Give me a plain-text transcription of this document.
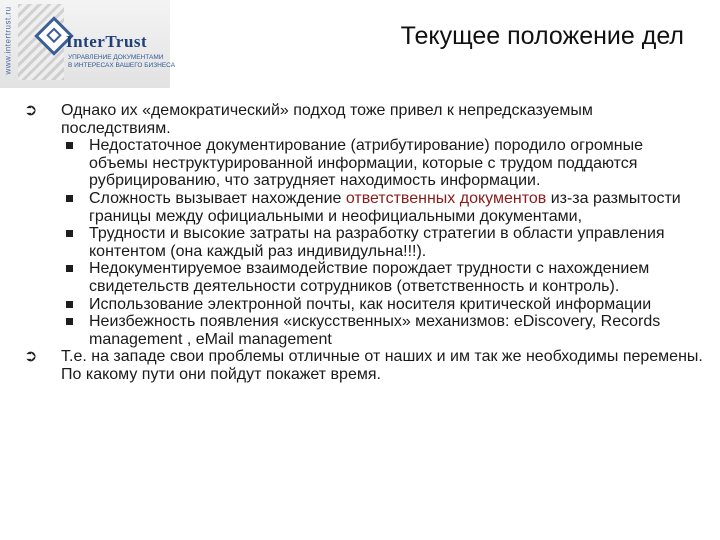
www.intertrust.ru	InterTrust
УПРАВЛЕНИЕ ДОКУМЕНТАМИ
В ИНТЕРЕСАХ ВАШЕГО БИЗНЕСА
Текущее положение дел
➲ Однако их «демократический» подход тоже привел к непредсказуемым последствиям.
Недостаточное документирование (атрибутирование) породило огромные объемы неструктурированной информации, которые с трудом поддаются рубрицированию, что затрудняет находимость информации.
Сложность вызывает нахождение ответственных документов из-за размытости границы между официальными и неофициальными документами,
Трудности и высокие затраты на разработку стратегии в области управления контентом (она каждый раз индивидульна!!!).
Недокументируемое взаимодействие порождает трудности с нахождением свидетельств деятельности сотрудников (ответственность и контроль).
Использование электронной почты, как носителя критической информации
Неизбежность появления «искусственных» механизмов: eDiscovery, Records management , eMail management
➲ Т.е. на западе свои проблемы отличные от наших и им так же необходимы перемены. По какому пути они пойдут покажет время.
